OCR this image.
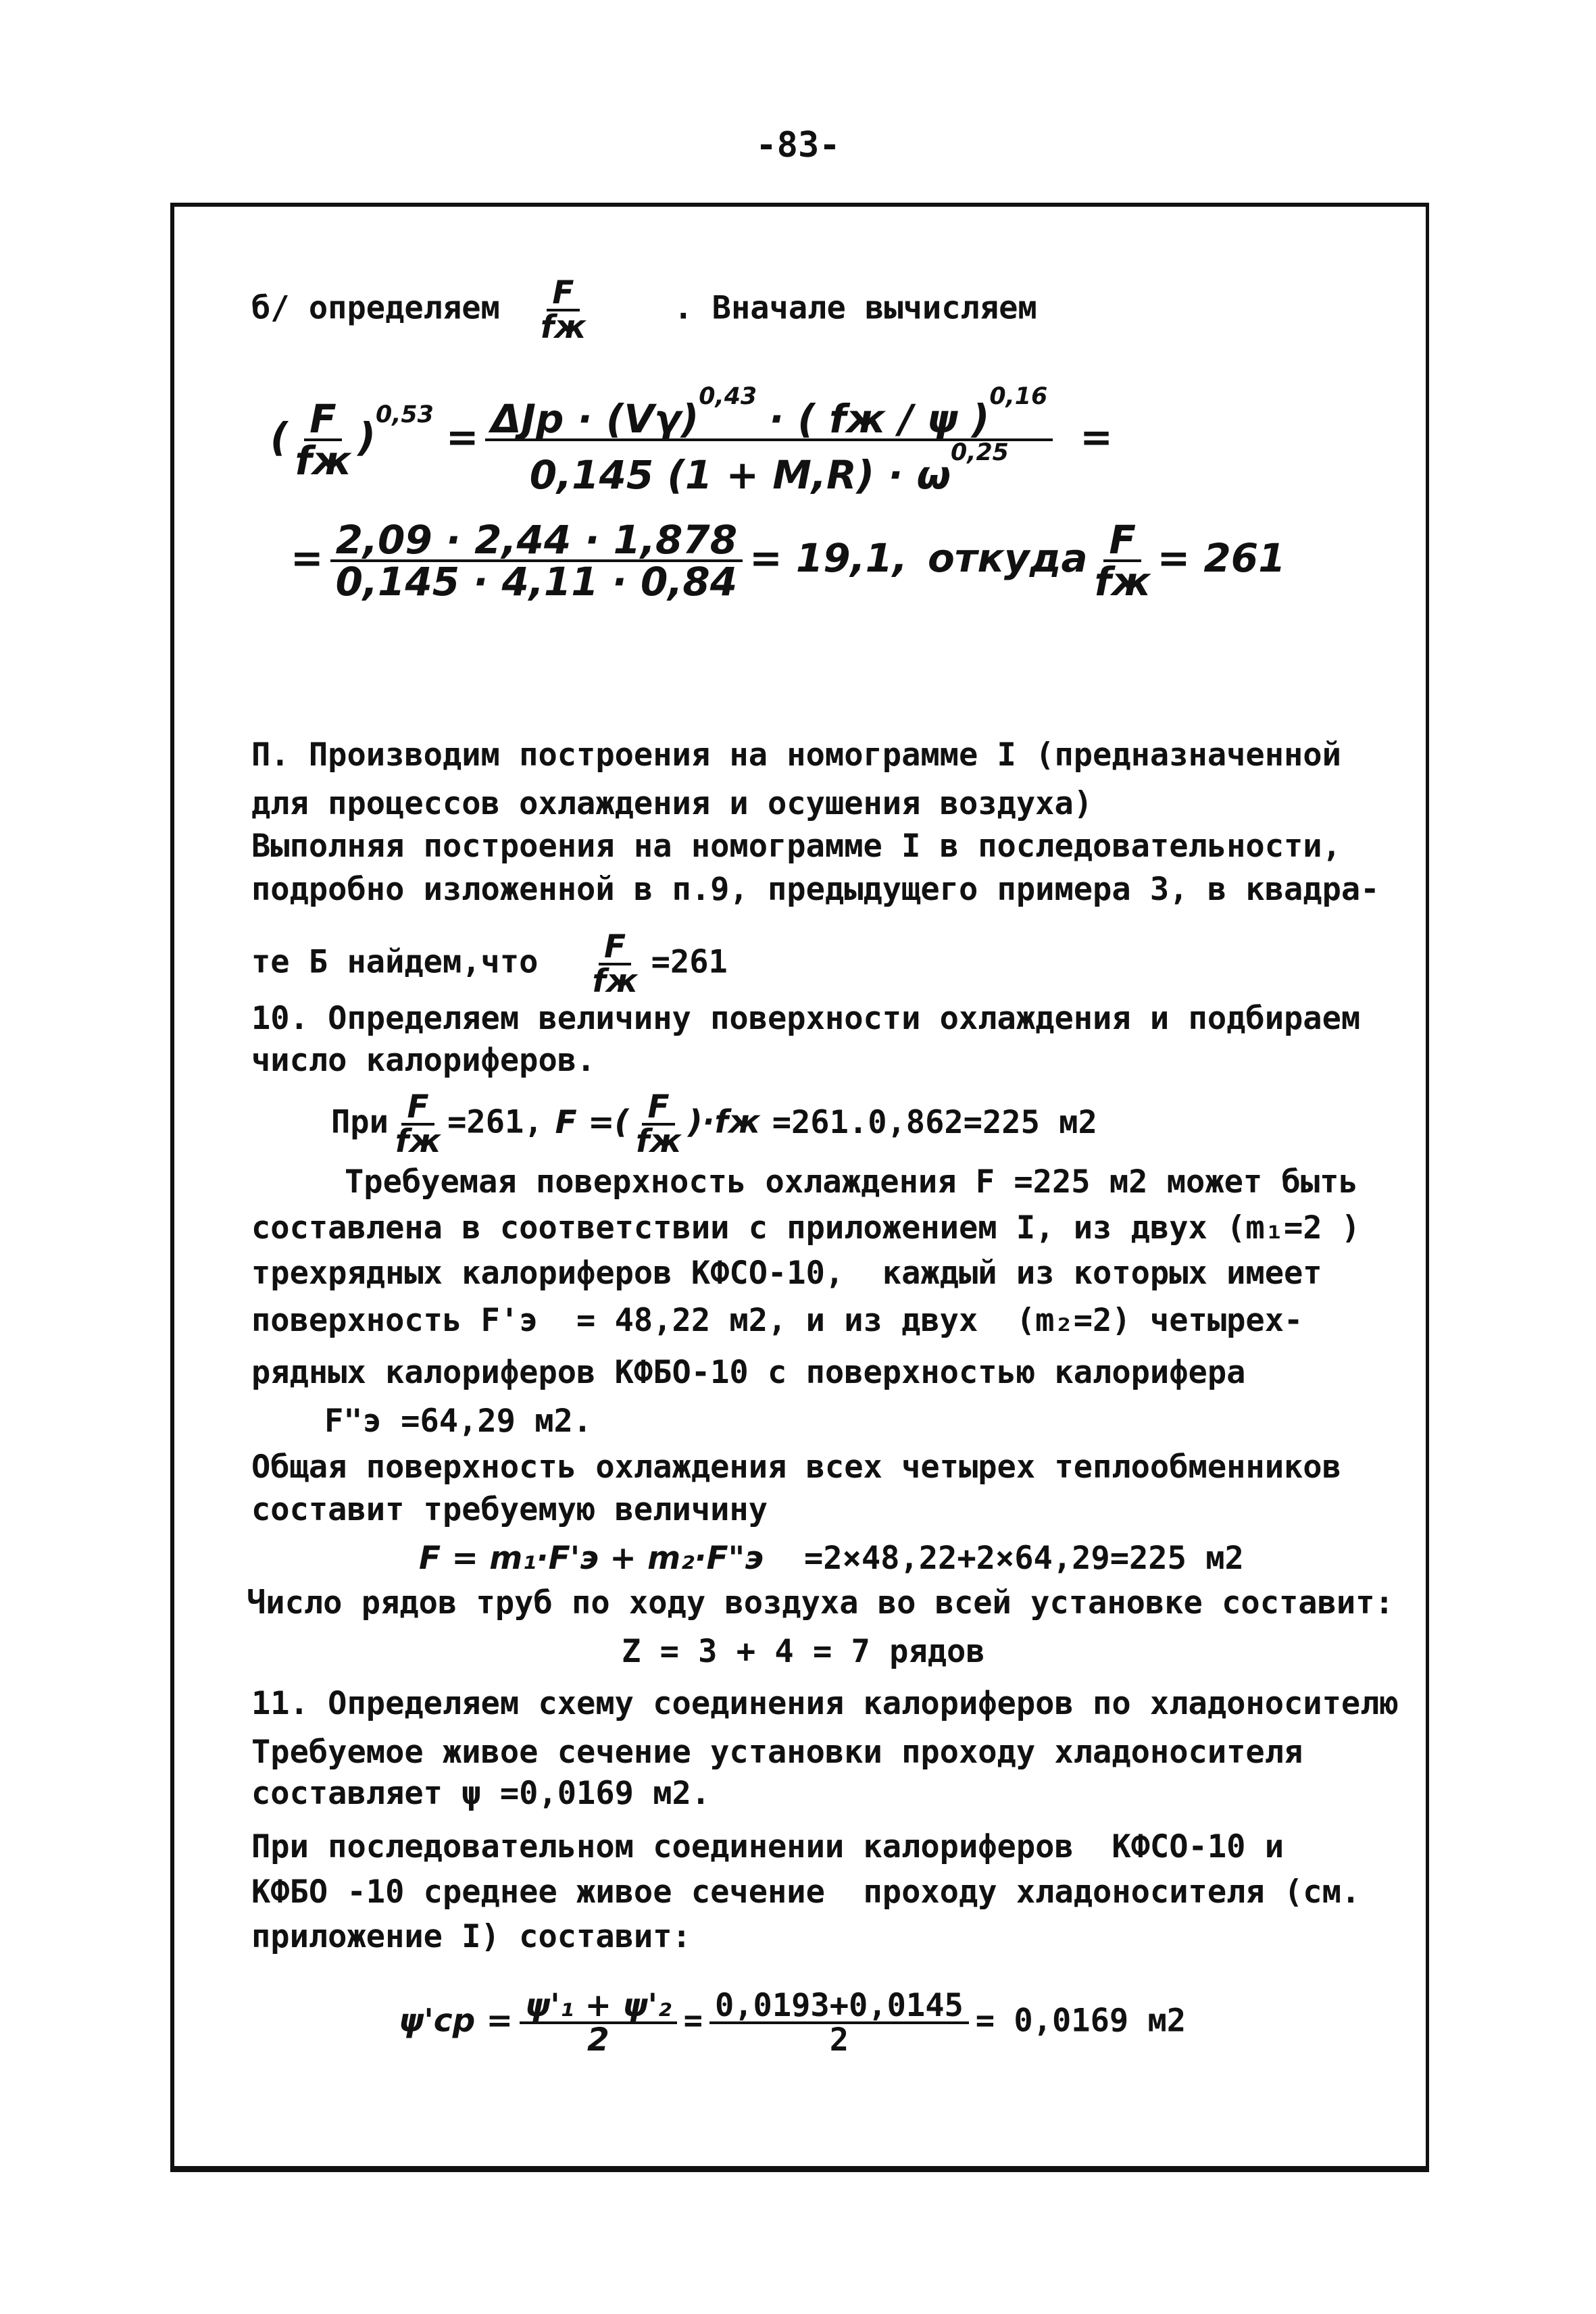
-83-
б/ определяем $\frac{F}{fж}$	. Вначале вычисляем
( $\frac{F}{fж} )^{0,53} = \frac{\Delta Jр \cdot (V\gamma)^{0,43} \cdot ( fж / \psi )^{0,16}}{0,145 (1 + M,R) \cdot \omega^{0,25}}$ =
= $\frac{2,09 \cdot 2,44 \cdot 1,878}{0,145 \cdot 4,11 \cdot 0,84} = 19,1$, откуда $\frac{F}{fж} = 261$
П. Производим построения на номограмме I (предназначенной
для процессов охлаждения и осушения воздуха)
Выполняя построения на номограмме I в последовательности,
подробно изложенной в п.9, предыдущего примера 3, в квадра-
те Б найдем,что $\frac{F}{fж} =261$
10. Определяем величину поверхности охлаждения и подбираем
число калориферов.
При $\frac{F}{fж} =261$, F =( $\frac{F}{fж} )\cdot fж =261.0,862=225$ м2
Требуемая поверхность охлаждения F =225 м2 может быть
составлена в соответствии с приложением I, из двух (m₁=2 )
трехрядных калориферов КФСО-10,  каждый из которых имеет
поверхность F'э  = 48,22 м2, и из двух  (m₂=2) четырех-
рядных калориферов КФБО-10 с поверхностью калорифера
F"э =64,29 м2.
Общая поверхность охлаждения всех четырех теплообменников
составит требуемую величину
F = m₁·F'э + m₂·F"э =2×48,22+2×64,29=225 м2
Число рядов труб по ходу воздуха во всей установке составит:
Z = 3 + 4 = 7 рядов
11. Определяем схему соединения калориферов по хладоносителю
Требуемое живое сечение установки проходу хладоносителя
составляет ψ =0,0169 м2.
При последовательном соединении калориферов  КФСО-10 и
КФБО -10 среднее живое сечение  проходу хладоносителя (см.
приложение I) составит:
$\psi'ср = \frac{\text{ψ'₁ + ψ'₂}}{2} = \frac{0,0193+0,0145}{2} = 0,0169$ м2
